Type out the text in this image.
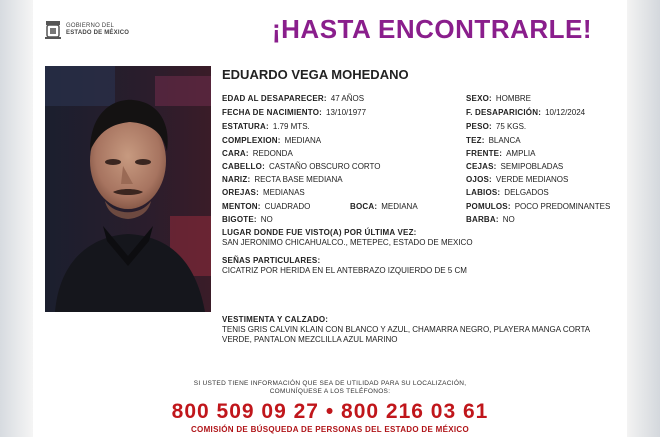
GOBIERNO DEL
ESTADO DE MÉXICO	¡HASTA ENCONTRARLE!
EDUARDO VEGA MOHEDANO
EDAD AL DESAPARECER: 47 AÑOS
FECHA DE NACIMIENTO: 13/10/1977
ESTATURA: 1.79 MTS.
COMPLEXION: MEDIANA
CARA: REDONDA
CABELLO: CASTAÑO OBSCURO CORTO
NARIZ: RECTA BASE MEDIANA
OREJAS: MEDIANAS
MENTON: CUADRADO	BOCA: MEDIANA
BIGOTE: NO
SEXO: HOMBRE
F. DESAPARICIÓN: 10/12/2024
PESO: 75 KGS.
TEZ: BLANCA
FRENTE: AMPLIA
CEJAS: SEMIPOBLADAS
OJOS: VERDE MEDIANOS
LABIOS: DELGADOS
POMULOS: POCO PREDOMINANTES
BARBA: NO
LUGAR DONDE FUE VISTO(A) POR ÚLTIMA VEZ:
SAN JERONIMO CHICAHUALCO., METEPEC, ESTADO DE MEXICO
SEÑAS PARTICULARES:
CICATRIZ POR HERIDA EN EL ANTEBRAZO IZQUIERDO DE 5 CM
VESTIMENTA Y CALZADO:
TENIS GRIS CALVIN KLAIN CON BLANCO Y AZUL, CHAMARRA NEGRO, PLAYERA MANGA CORTA
VERDE, PANTALON MEZCLILLA AZUL MARINO
SI USTED TIENE INFORMACIÓN QUE SEA DE UTILIDAD PARA SU LOCALIZACIÓN,
COMUNÍQUESE A LOS TELÉFONOS:
800 509 09 27 • 800 216 03 61
COMISIÓN DE BÚSQUEDA DE PERSONAS DEL ESTADO DE MÉXICO
